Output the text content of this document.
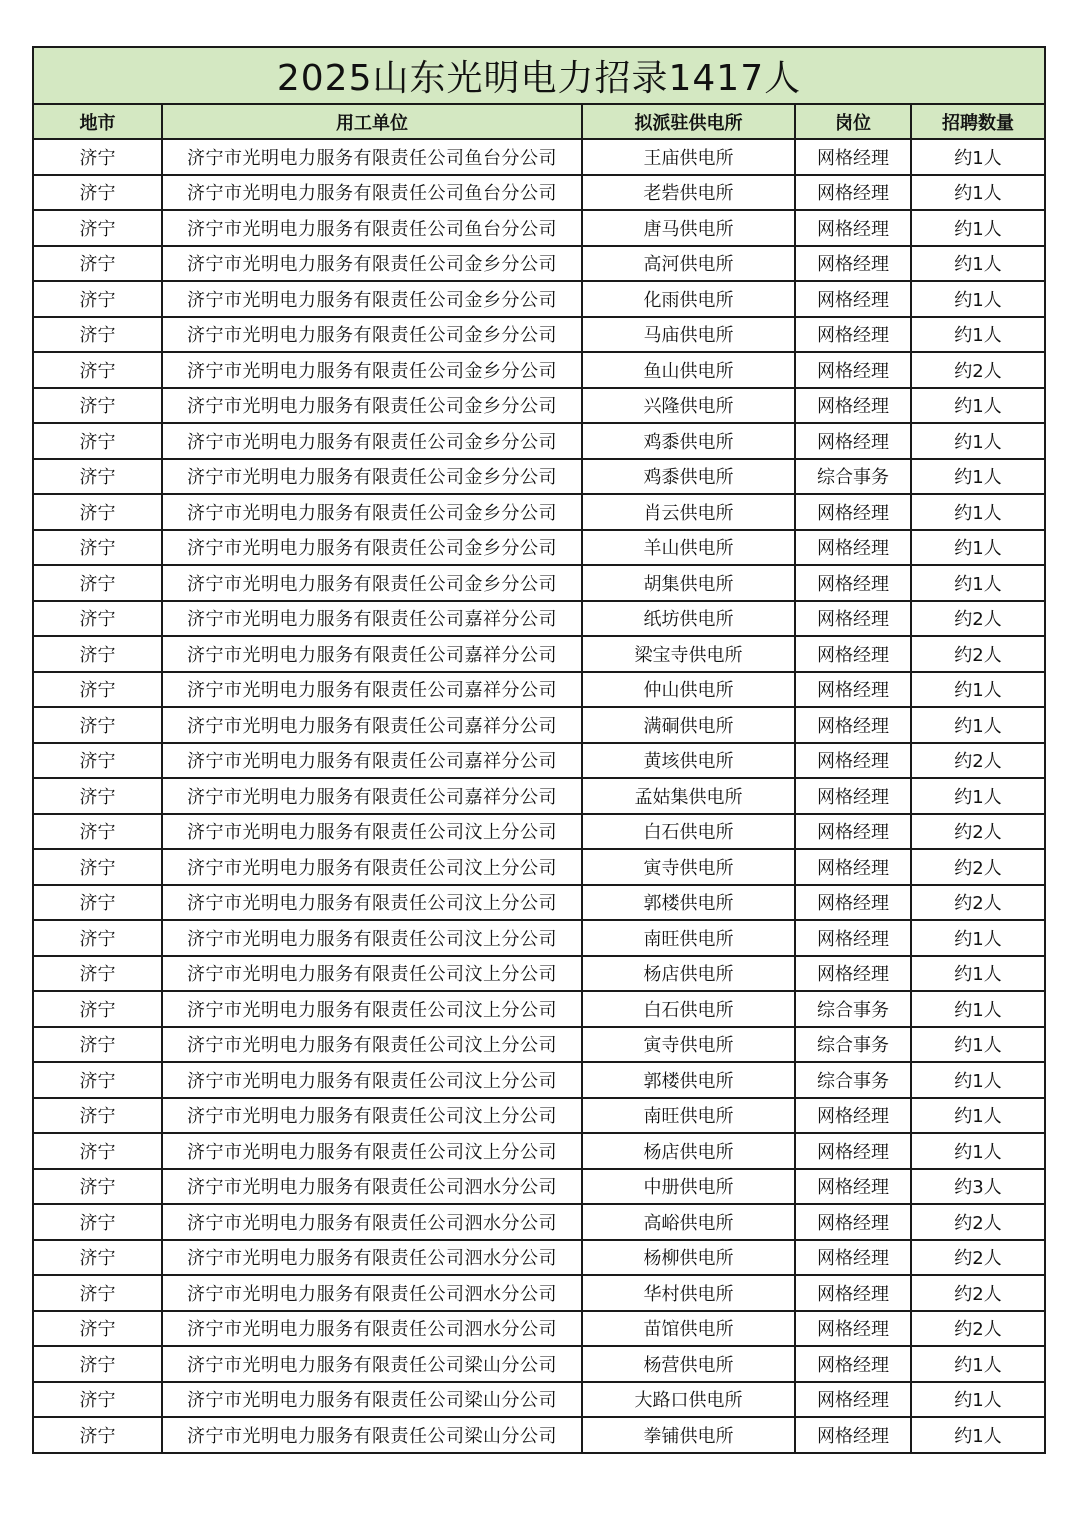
2025山东光明电力招录1417人
地市	用工单位	拟派驻供电所	岗位	招聘数量
济宁	济宁市光明电力服务有限责任公司鱼台分公司	王庙供电所	网格经理	约1人
济宁	济宁市光明电力服务有限责任公司鱼台分公司	老砦供电所	网格经理	约1人
济宁	济宁市光明电力服务有限责任公司鱼台分公司	唐马供电所	网格经理	约1人
济宁	济宁市光明电力服务有限责任公司金乡分公司	高河供电所	网格经理	约1人
济宁	济宁市光明电力服务有限责任公司金乡分公司	化雨供电所	网格经理	约1人
济宁	济宁市光明电力服务有限责任公司金乡分公司	马庙供电所	网格经理	约1人
济宁	济宁市光明电力服务有限责任公司金乡分公司	鱼山供电所	网格经理	约2人
济宁	济宁市光明电力服务有限责任公司金乡分公司	兴隆供电所	网格经理	约1人
济宁	济宁市光明电力服务有限责任公司金乡分公司	鸡黍供电所	网格经理	约1人
济宁	济宁市光明电力服务有限责任公司金乡分公司	鸡黍供电所	综合事务	约1人
济宁	济宁市光明电力服务有限责任公司金乡分公司	肖云供电所	网格经理	约1人
济宁	济宁市光明电力服务有限责任公司金乡分公司	羊山供电所	网格经理	约1人
济宁	济宁市光明电力服务有限责任公司金乡分公司	胡集供电所	网格经理	约1人
济宁	济宁市光明电力服务有限责任公司嘉祥分公司	纸坊供电所	网格经理	约2人
济宁	济宁市光明电力服务有限责任公司嘉祥分公司	梁宝寺供电所	网格经理	约2人
济宁	济宁市光明电力服务有限责任公司嘉祥分公司	仲山供电所	网格经理	约1人
济宁	济宁市光明电力服务有限责任公司嘉祥分公司	满硐供电所	网格经理	约1人
济宁	济宁市光明电力服务有限责任公司嘉祥分公司	黄垓供电所	网格经理	约2人
济宁	济宁市光明电力服务有限责任公司嘉祥分公司	孟姑集供电所	网格经理	约1人
济宁	济宁市光明电力服务有限责任公司汶上分公司	白石供电所	网格经理	约2人
济宁	济宁市光明电力服务有限责任公司汶上分公司	寅寺供电所	网格经理	约2人
济宁	济宁市光明电力服务有限责任公司汶上分公司	郭楼供电所	网格经理	约2人
济宁	济宁市光明电力服务有限责任公司汶上分公司	南旺供电所	网格经理	约1人
济宁	济宁市光明电力服务有限责任公司汶上分公司	杨店供电所	网格经理	约1人
济宁	济宁市光明电力服务有限责任公司汶上分公司	白石供电所	综合事务	约1人
济宁	济宁市光明电力服务有限责任公司汶上分公司	寅寺供电所	综合事务	约1人
济宁	济宁市光明电力服务有限责任公司汶上分公司	郭楼供电所	综合事务	约1人
济宁	济宁市光明电力服务有限责任公司汶上分公司	南旺供电所	网格经理	约1人
济宁	济宁市光明电力服务有限责任公司汶上分公司	杨店供电所	网格经理	约1人
济宁	济宁市光明电力服务有限责任公司泗水分公司	中册供电所	网格经理	约3人
济宁	济宁市光明电力服务有限责任公司泗水分公司	高峪供电所	网格经理	约2人
济宁	济宁市光明电力服务有限责任公司泗水分公司	杨柳供电所	网格经理	约2人
济宁	济宁市光明电力服务有限责任公司泗水分公司	华村供电所	网格经理	约2人
济宁	济宁市光明电力服务有限责任公司泗水分公司	苗馆供电所	网格经理	约2人
济宁	济宁市光明电力服务有限责任公司梁山分公司	杨营供电所	网格经理	约1人
济宁	济宁市光明电力服务有限责任公司梁山分公司	大路口供电所	网格经理	约1人
济宁	济宁市光明电力服务有限责任公司梁山分公司	拳铺供电所	网格经理	约1人
